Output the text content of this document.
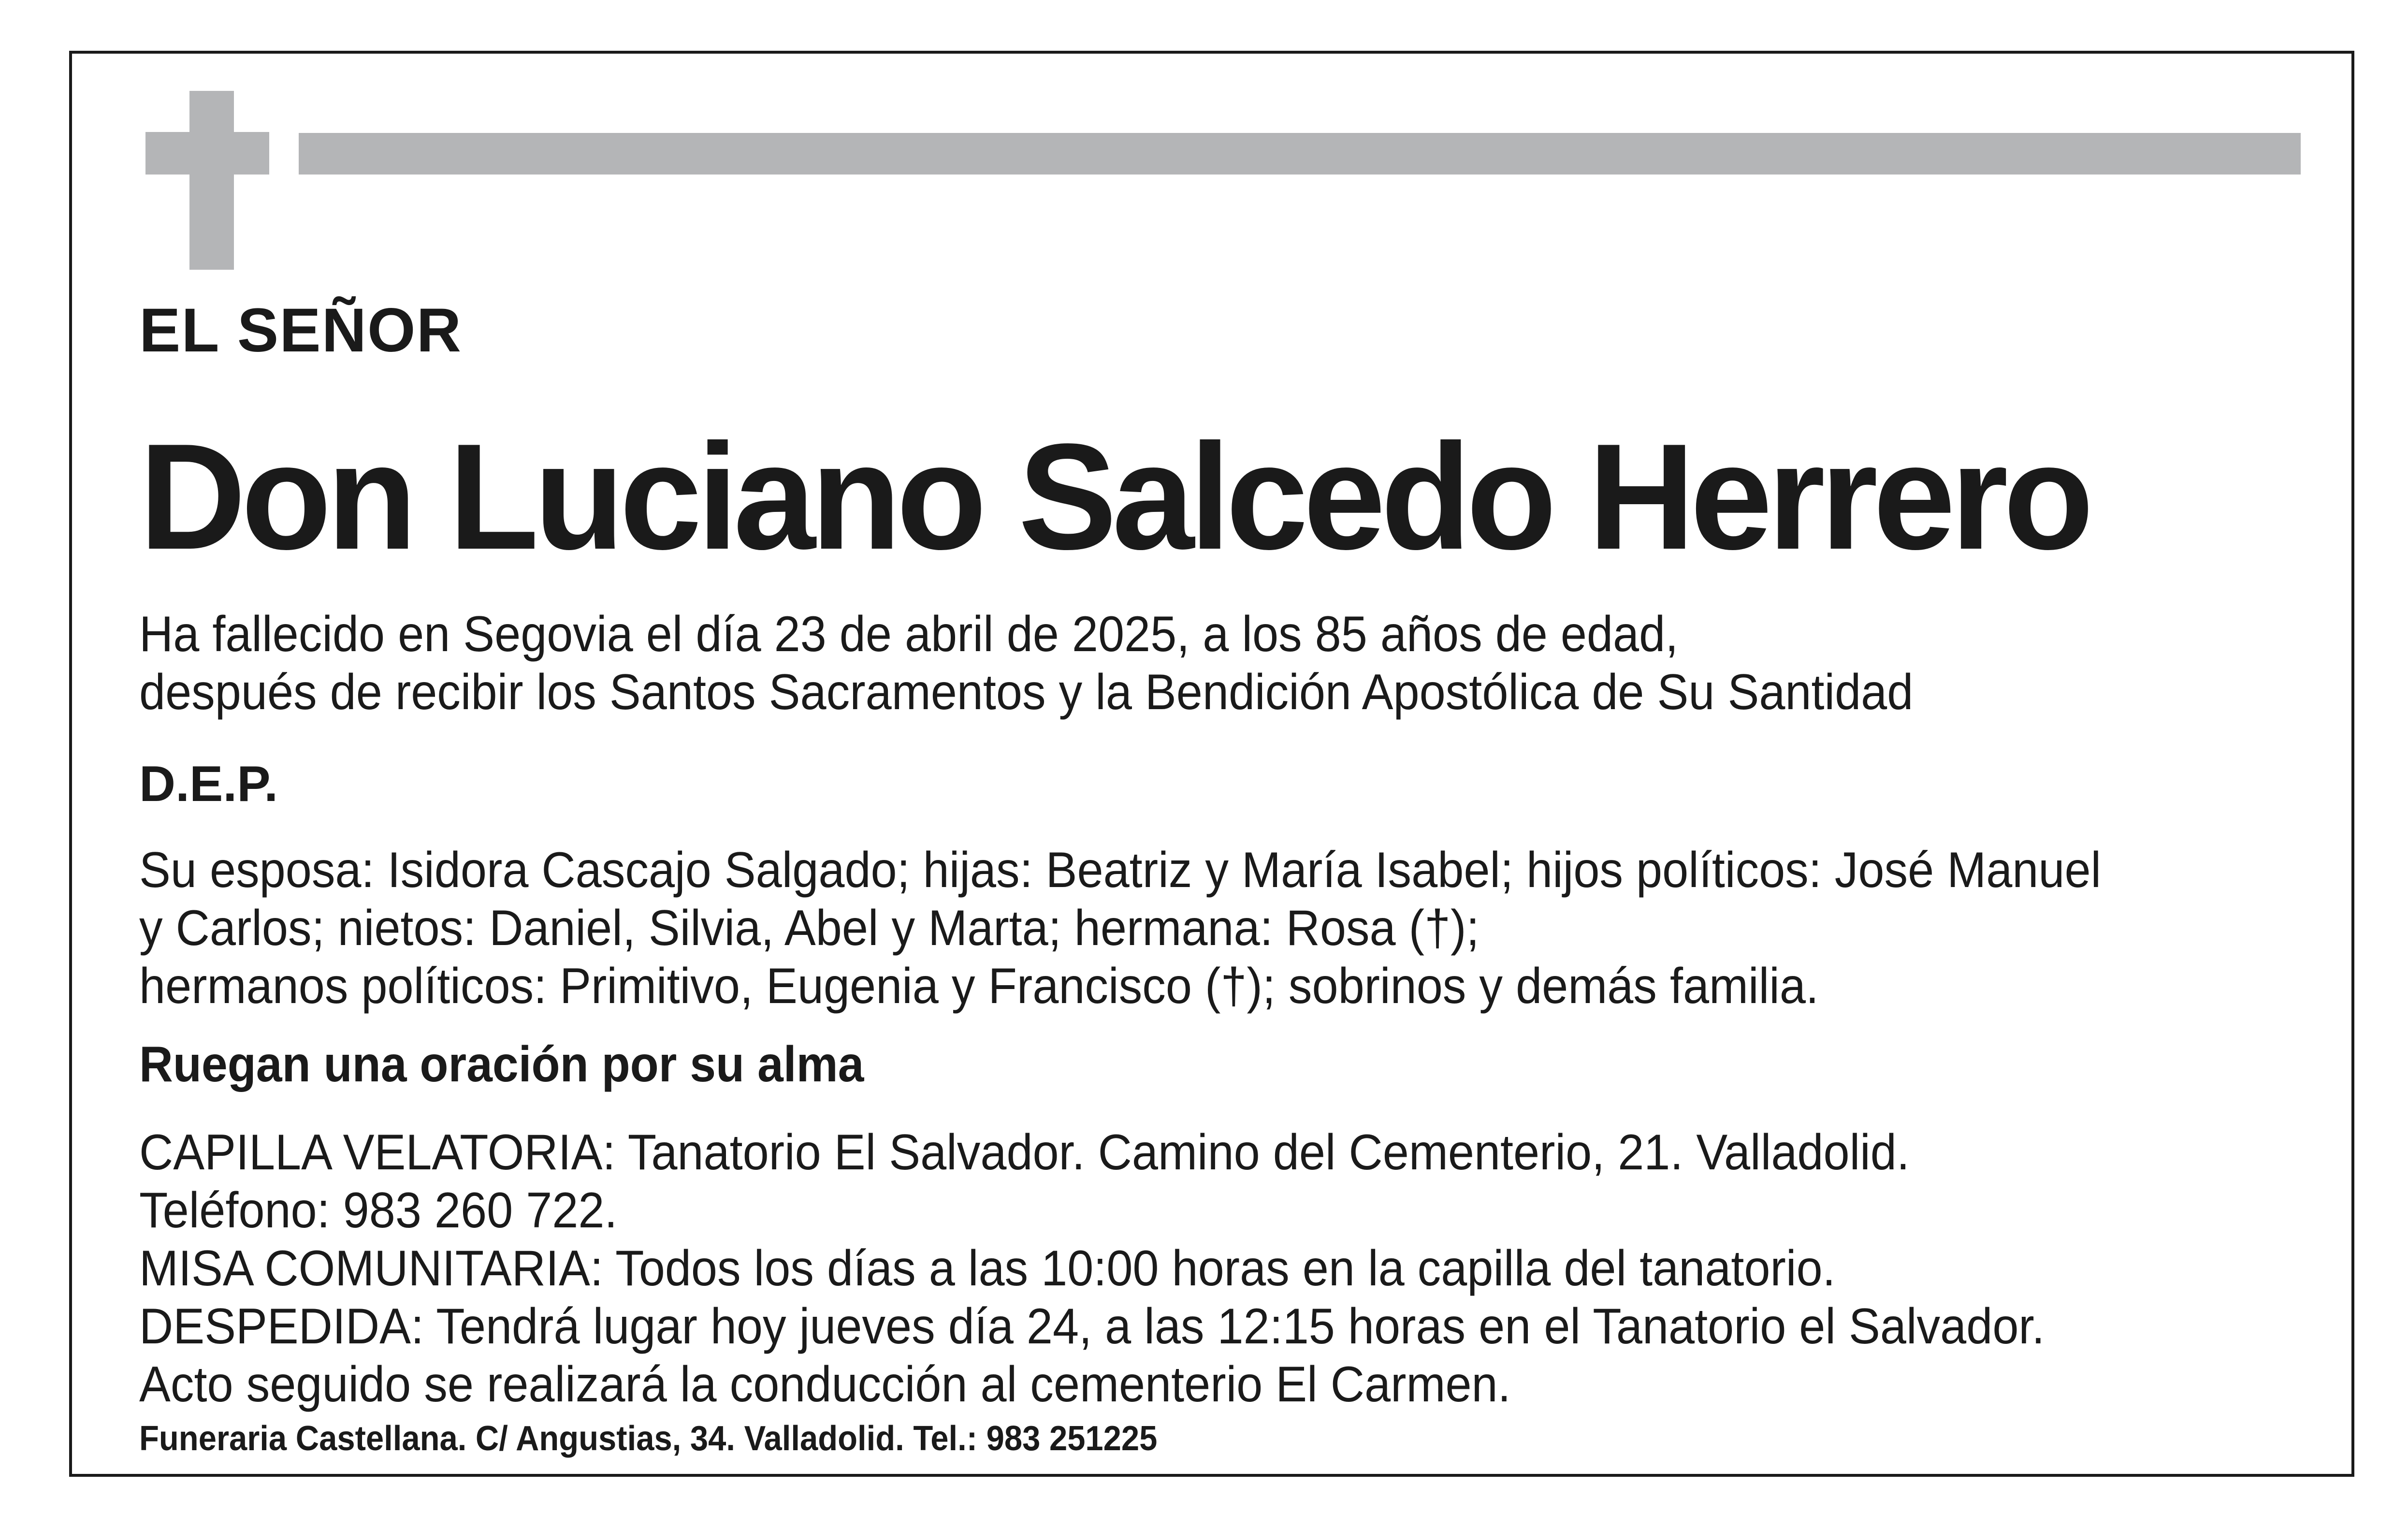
EL SEÑOR
Don Luciano Salcedo Herrero
Ha fallecido en Segovia el día 23 de abril de 2025, a los 85 años de edad,
después de recibir los Santos Sacramentos y la Bendición Apostólica de Su Santidad
D.E.P.
Su esposa: Isidora Cascajo Salgado; hijas: Beatriz y María Isabel; hijos políticos: José Manuel
y Carlos; nietos: Daniel, Silvia, Abel y Marta; hermana: Rosa (†);
hermanos políticos: Primitivo, Eugenia y Francisco (†); sobrinos y demás familia.
Ruegan una oración por su alma
CAPILLA VELATORIA: Tanatorio El Salvador. Camino del Cementerio, 21. Valladolid.
Teléfono: 983 260 722.
MISA COMUNITARIA: Todos los días a las 10:00 horas en la capilla del tanatorio.
DESPEDIDA: Tendrá lugar hoy jueves día 24, a las 12:15 horas en el Tanatorio el Salvador.
Acto seguido se realizará la conducción al cementerio El Carmen.
Funeraria Castellana. C/ Angustias, 34. Valladolid. Tel.: 983 251225
